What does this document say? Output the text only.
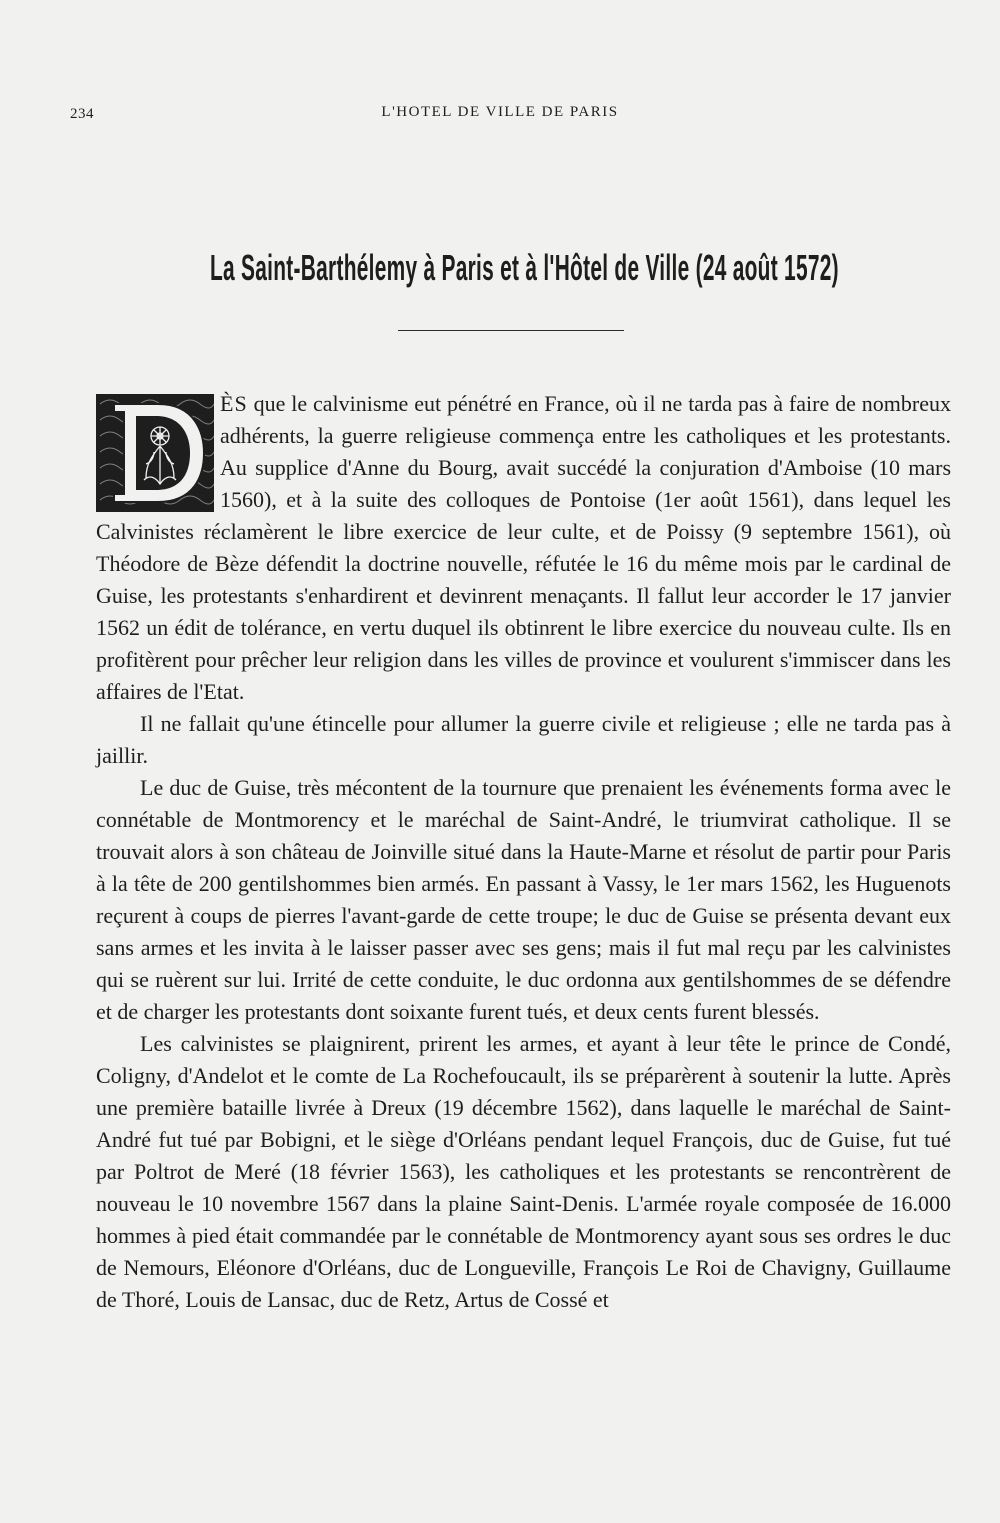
234	L'HOTEL DE VILLE DE PARIS
La Saint-Barthélemy à Paris et à l'Hôtel de Ville (24 août 1572)

ÈS que le calvinisme eut pénétré en France, où il ne tarda pas à faire de nombreux adhérents, la guerre religieuse commença entre les catholiques et les protestants. Au supplice d'Anne du Bourg, avait succédé la conjuration d'Amboise (10 mars 1560), et à la suite des colloques de Pontoise (1er août 1561), dans lequel les Calvinistes réclamèrent le libre exercice de leur culte, et de Poissy (9 septembre 1561), où Théodore de Bèze défendit la doctrine nouvelle, réfutée le 16 du même mois par le cardinal de Guise, les protestants s'enhardirent et devinrent menaçants. Il fallut leur accorder le 17 janvier 1562 un édit de tolérance, en vertu duquel ils obtinrent le libre exercice du nouveau culte. Ils en profitèrent pour prêcher leur religion dans les villes de province et voulurent s'immiscer dans les affaires de l'Etat.

Il ne fallait qu'une étincelle pour allumer la guerre civile et religieuse ; elle ne tarda pas à jaillir.

Le duc de Guise, très mécontent de la tournure que prenaient les événements forma avec le connétable de Montmorency et le maréchal de Saint-André, le triumvirat catholique. Il se trouvait alors à son château de Joinville situé dans la Haute-Marne et résolut de partir pour Paris à la tête de 200 gentilshommes bien armés. En passant à Vassy, le 1er mars 1562, les Huguenots reçurent à coups de pierres l'avant-garde de cette troupe; le duc de Guise se présenta devant eux sans armes et les invita à le laisser passer avec ses gens; mais il fut mal reçu par les calvinistes qui se ruèrent sur lui. Irrité de cette conduite, le duc ordonna aux gentilshommes de se défendre et de charger les protestants dont soixante furent tués, et deux cents furent blessés.

Les calvinistes se plaignirent, prirent les armes, et ayant à leur tête le prince de Condé, Coligny, d'Andelot et le comte de La Rochefoucault, ils se préparèrent à soutenir la lutte. Après une première bataille livrée à Dreux (19 décembre 1562), dans laquelle le maréchal de Saint-André fut tué par Bobigni, et le siège d'Orléans pendant lequel François, duc de Guise, fut tué par Poltrot de Meré (18 février 1563), les catholiques et les protestants se rencontrèrent de nouveau le 10 novembre 1567 dans la plaine Saint-Denis. L'armée royale composée de 16.000 hommes à pied était commandée par le connétable de Montmorency ayant sous ses ordres le duc de Nemours, Eléonore d'Orléans, duc de Longueville, François Le Roi de Chavigny, Guillaume de Thoré, Louis de Lansac, duc de Retz, Artus de Cossé et
